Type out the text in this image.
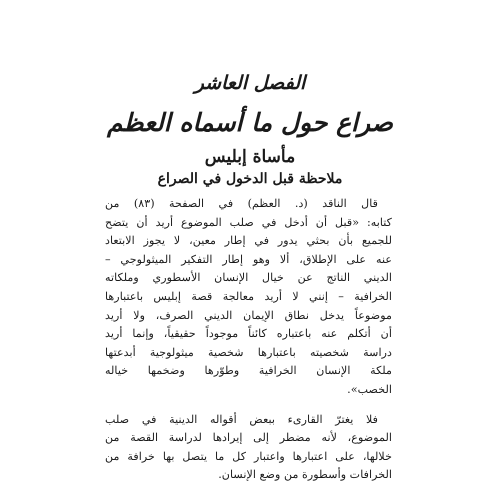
الفصل العاشر
صراع حول ما أسماه العظم
مأساة إبليس
ملاحظة قبل الدخول في الصراع
قال الناقد (د. العظم) في الصفحة (٨٣) من
كتابه: «قبل أن أدخل في صلب الموضوع أريد أن يتضح
للجميع بأن بحثي يدور في إطار معين، لا يجوز الابتعاد
عنه على الإطلاق، ألا وهو إطار التفكير الميثولوجي –
الديني الناتج عن خيال الإنسان الأسطوري وملكاته
الخرافية – إنني لا أريد معالجة قصة إبليس باعتبارها
موضوعاً يدخل نطاق الإيمان الديني الصرف، ولا أريد
أن أتكلم عنه باعتباره كائناً موجوداً حقيقياً، وإنما أريد
دراسة شخصيته باعتبارها شخصية ميثولوجية أبدعتها
ملكة الإنسان الخرافية وطوّرها وضخمها خياله
الخصب».
فلا يغترّ القارىء ببعض أقواله الدينية في صلب
الموضوع، لأنه مضطر إلى إيرادها لدراسة القصة من
خلالها، على اعتبارها واعتبار كل ما يتصل بها خرافة من
الخرافات وأسطورة من وضع الإنسان.
